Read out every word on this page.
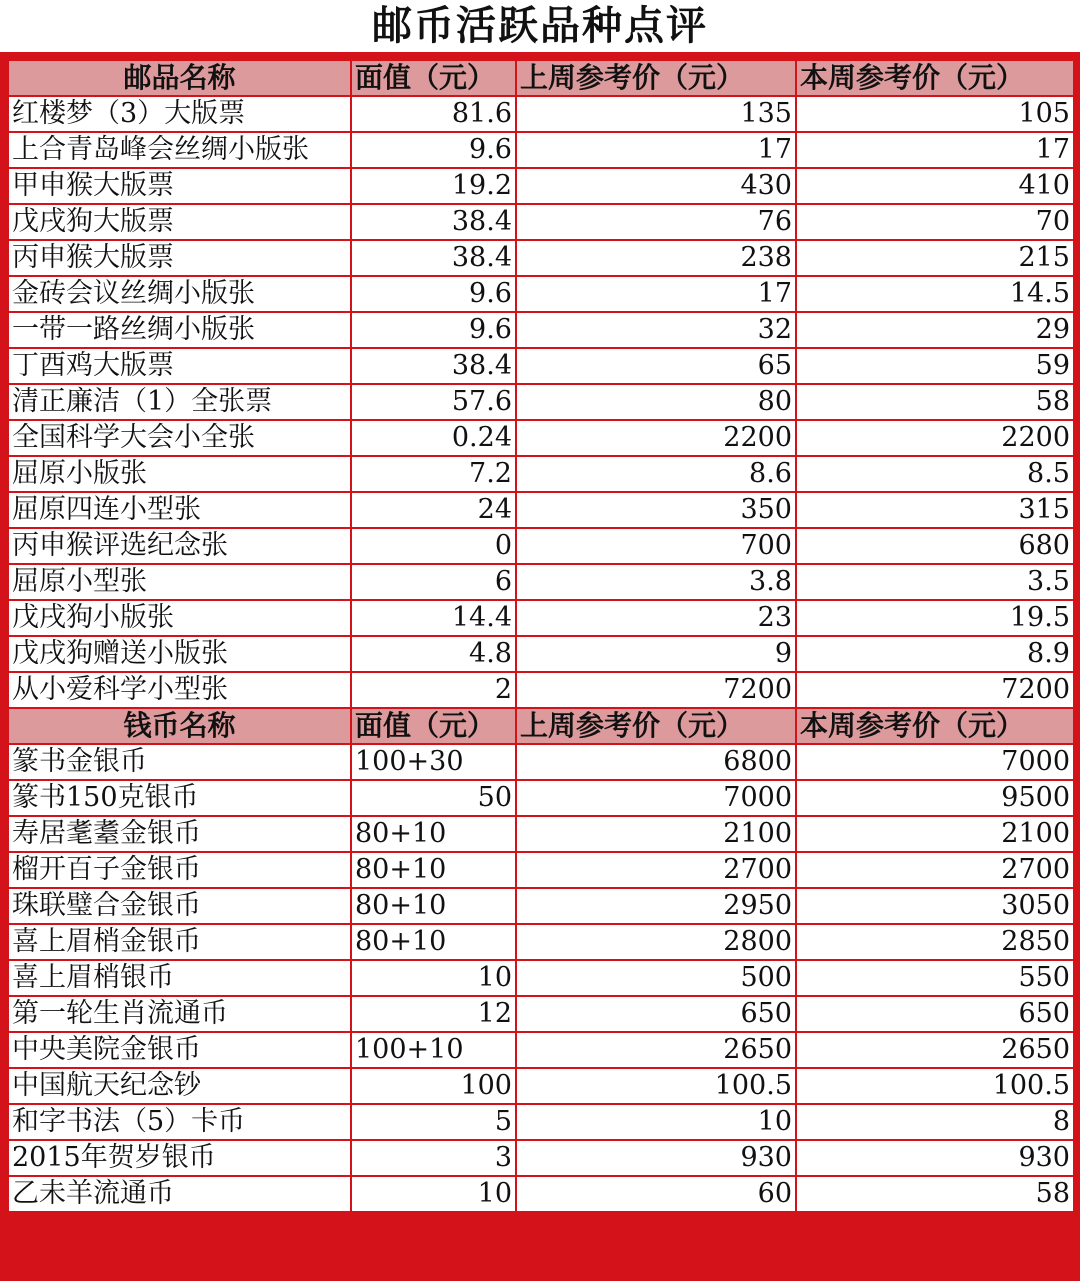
邮币活跃品种点评
邮品名称	面值（元）	上周参考价（元）	本周参考价（元）
红楼梦（3）大版票	81.6	135	105
上合青岛峰会丝绸小版张	9.6	17	17
甲申猴大版票	19.2	430	410
戊戌狗大版票	38.4	76	70
丙申猴大版票	38.4	238	215
金砖会议丝绸小版张	9.6	17	14.5
一带一路丝绸小版张	9.6	32	29
丁酉鸡大版票	38.4	65	59
清正廉洁（1）全张票	57.6	80	58
全国科学大会小全张	0.24	2200	2200
屈原小版张	7.2	8.6	8.5
屈原四连小型张	24	350	315
丙申猴评选纪念张	0	700	680
屈原小型张	6	3.8	3.5
戊戌狗小版张	14.4	23	19.5
戊戌狗赠送小版张	4.8	9	8.9
从小爱科学小型张	2	7200	7200
钱币名称	面值（元）	上周参考价（元）	本周参考价（元）
篆书金银币	100+30	6800	7000
篆书150克银币	50	7000	9500
寿居耄耋金银币	80+10	2100	2100
榴开百子金银币	80+10	2700	2700
珠联璧合金银币	80+10	2950	3050
喜上眉梢金银币	80+10	2800	2850
喜上眉梢银币	10	500	550
第一轮生肖流通币	12	650	650
中央美院金银币	100+10	2650	2650
中国航天纪念钞	100	100.5	100.5
和字书法（5）卡币	5	10	8
2015年贺岁银币	3	930	930
乙未羊流通币	10	60	58
